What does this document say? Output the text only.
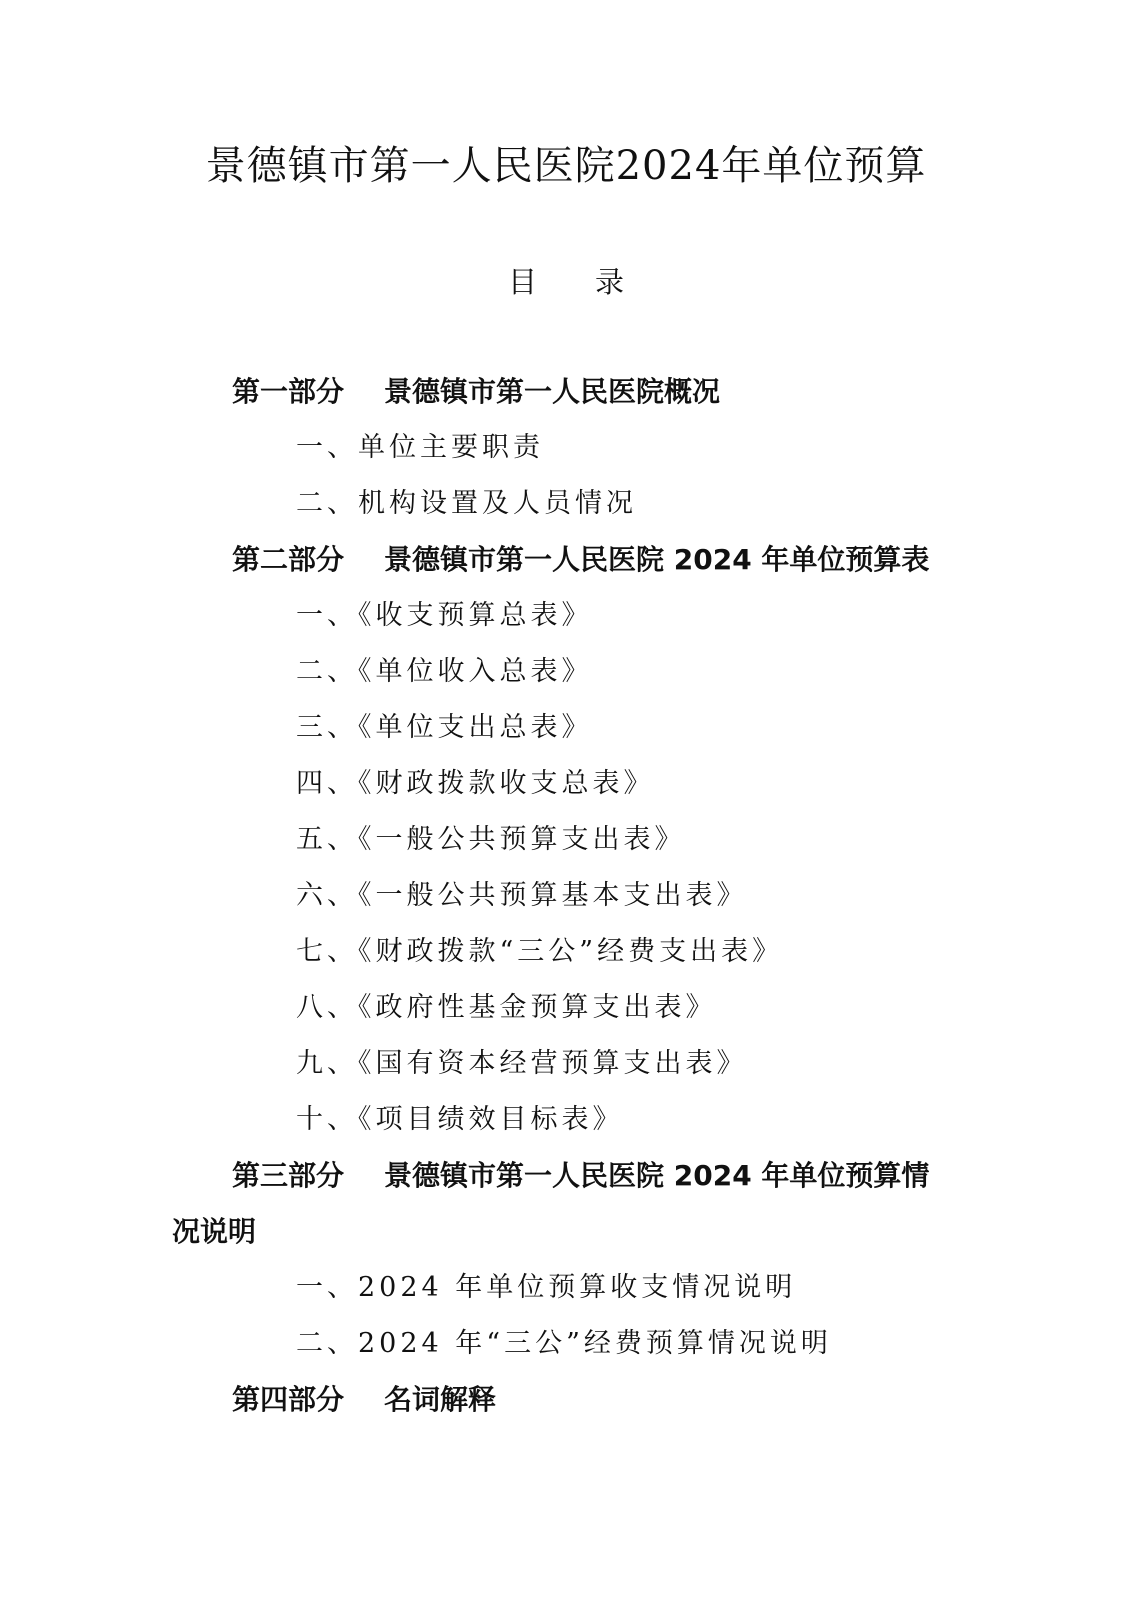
景德镇市第一人民医院2024年单位预算
目录
第一部分 景德镇市第一人民医院概况
一、单位主要职责
二、机构设置及人员情况
第二部分 景德镇市第一人民医院 2024 年单位预算表
一、《收支预算总表》
二、《单位收入总表》
三、《单位支出总表》
四、《财政拨款收支总表》
五、《一般公共预算支出表》
六、《一般公共预算基本支出表》
七、《财政拨款“三公”经费支出表》
八、《政府性基金预算支出表》
九、《国有资本经营预算支出表》
十、《项目绩效目标表》
第三部分 景德镇市第一人民医院 2024 年单位预算情
况说明
一、2024 年单位预算收支情况说明
二、2024 年“三公”经费预算情况说明
第四部分 名词解释
